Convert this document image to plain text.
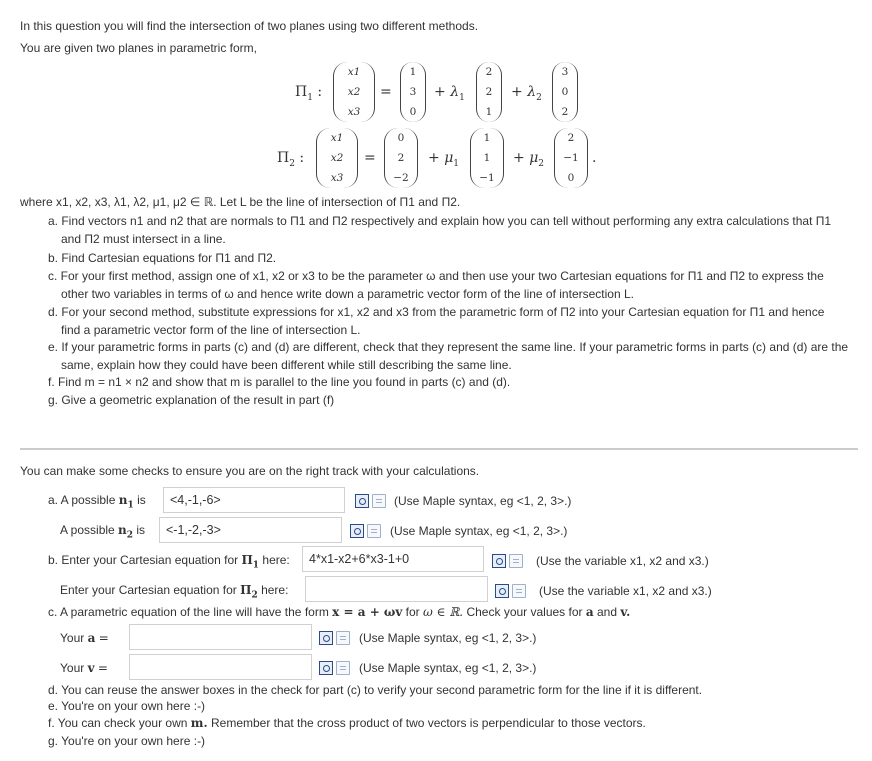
In this question you will find the intersection of two planes using two different methods.
You are given two planes in parametric form,
$\Pi_1$ :
x1
x2
x3
=
1
3
0
+ $\lambda_1$
2
2
1
+ $\lambda_2$
3
0
2
$\Pi_2$ :
x1
x2
x3
=
0
2
−2
+ $\mu_1$
1
1
−1
+ $\mu_2$
2
−1
0
.
where x1, x2, x3, λ1, λ2, μ1, μ2 ∈ ℝ. Let L be the line of intersection of Π1 and Π2.
a. Find vectors n1 and n2 that are normals to Π1 and Π2 respectively and explain how you can tell without performing any extra calculations that Π1
and Π2 must intersect in a line.
b. Find Cartesian equations for Π1 and Π2.
c. For your first method, assign one of x1, x2 or x3 to be the parameter ω and then use your two Cartesian equations for Π1 and Π2 to express the
other two variables in terms of ω and hence write down a parametric vector form of the line of intersection L.
d. For your second method, substitute expressions for x1, x2 and x3 from the parametric form of Π2 into your Cartesian equation for Π1 and hence
find a parametric vector form of the line of intersection L.
e. If your parametric forms in parts (c) and (d) are different, check that they represent the same line. If your parametric forms in parts (c) and (d) are the
same, explain how they could have been different while still describing the same line.
f. Find m = n1 × n2 and show that m is parallel to the line you found in parts (c) and (d).
g. Give a geometric explanation of the result in part (f)
You can make some checks to ensure you are on the right track with your calculations.
a. A possible $n_1$ is	<4,-1,-6>	(Use Maple syntax, eg <1, 2, 3>.)
A possible $n_2$ is	<-1,-2,-3>	(Use Maple syntax, eg <1, 2, 3>.)
b. Enter your Cartesian equation for $\Pi_1$ here:	4*x1-x2+6*x3-1+0	(Use the variable x1, x2 and x3.)
Enter your Cartesian equation for $\Pi_2$ here:	(Use the variable x1, x2 and x3.)
c. A parametric equation of the line will have the form x = a + ωv for ω ∈ ℝ. Check your values for a and v.
Your a =	(Use Maple syntax, eg <1, 2, 3>.)
Your v =	(Use Maple syntax, eg <1, 2, 3>.)
d. You can reuse the answer boxes in the check for part (c) to verify your second parametric form for the line if it is different.
e. You're on your own here :-)
f. You can check your own m. Remember that the cross product of two vectors is perpendicular to those vectors.
g. You're on your own here :-)
